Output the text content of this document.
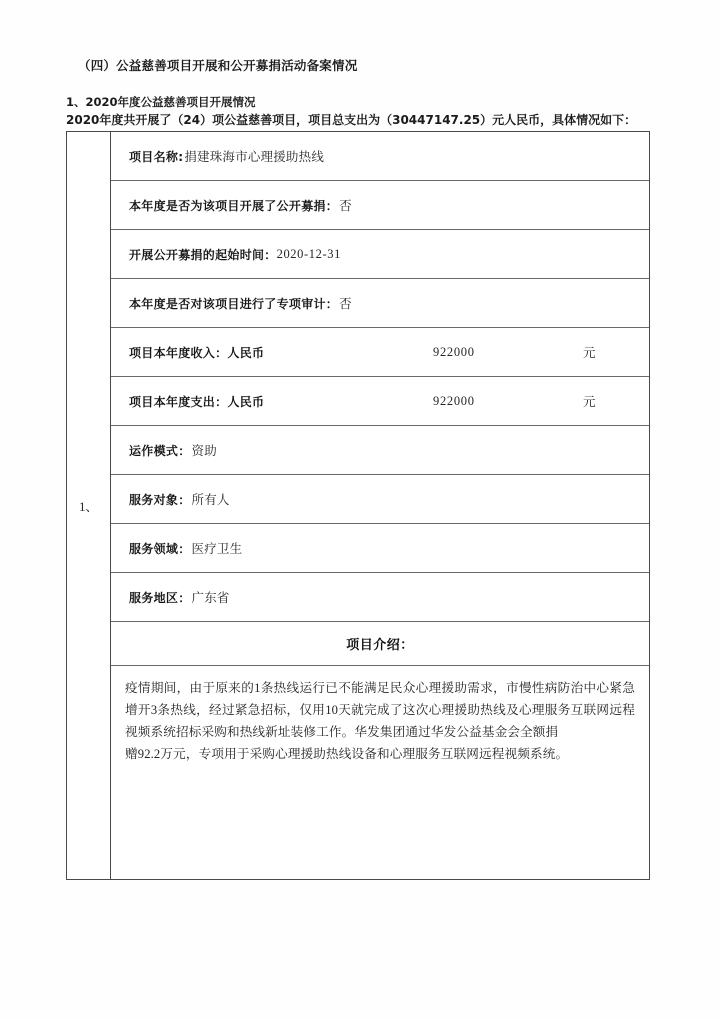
（四）公益慈善项目开展和公开募捐活动备案情况
1、2020年度公益慈善项目开展情况
2020年度共开展了（24）项公益慈善项目，项目总支出为（30447147.25）元人民币，具体情况如下：
1、
项目名称: 捐建珠海市心理援助热线
本年度是否为该项目开展了公开募捐： 否
开展公开募捐的起始时间： 2020-12-31
本年度是否对该项目进行了专项审计： 否
项目本年度收入：人民币	922000	元
项目本年度支出：人民币	922000	元
运作模式： 资助
服务对象： 所有人
服务领域： 医疗卫生
服务地区： 广东省
项目介绍：

疫情期间，由于原来的1条热线运行已不能满足民众心理援助需求，市慢性病防治中心紧急增开3条热线，经过紧急招标，仅用10天就完成了这次心理援助热线及心理服务互联网远程视频系统招标采购和热线新址装修工作。华发集团通过华发公益基金会全额捐
赠92.2万元，专项用于采购心理援助热线设备和心理服务互联网远程视频系统。
